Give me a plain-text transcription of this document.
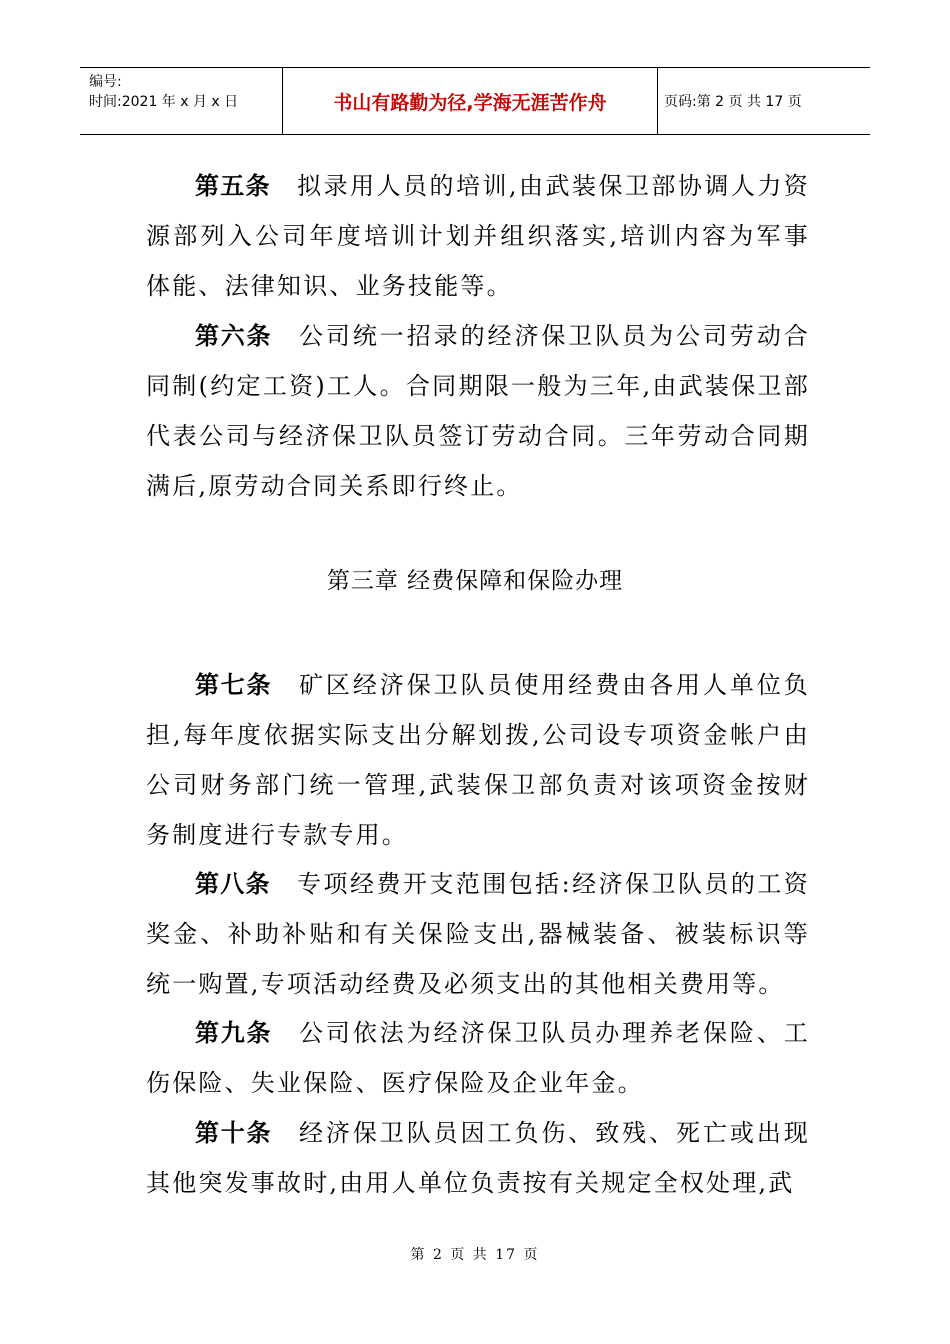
编号:
时间:2021 年 x 月 x 日	书山有路勤为径,学海无涯苦作舟	页码:第 2 页 共 17 页

第五条 拟录用人员的培训,由武装保卫部协调人力资源部列入公司年度培训计划并组织落实,培训内容为军事体能、法律知识、业务技能等。

第六条 公司统一招录的经济保卫队员为公司劳动合同制(约定工资)工人。合同期限一般为三年,由武装保卫部代表公司与经济保卫队员签订劳动合同。三年劳动合同期满后,原劳动合同关系即行终止。

第三章 经费保障和保险办理

第七条 矿区经济保卫队员使用经费由各用人单位负担,每年度依据实际支出分解划拨,公司设专项资金帐户由公司财务部门统一管理,武装保卫部负责对该项资金按财务制度进行专款专用。

第八条 专项经费开支范围包括:经济保卫队员的工资奖金、补助补贴和有关保险支出,器械装备、被装标识等统一购置,专项活动经费及必须支出的其他相关费用等。

第九条 公司依法为经济保卫队员办理养老保险、工伤保险、失业保险、医疗保险及企业年金。

第十条 经济保卫队员因工负伤、致残、死亡或出现其他突发事故时,由用人单位负责按有关规定全权处理,武

第 2 页 共 17 页
